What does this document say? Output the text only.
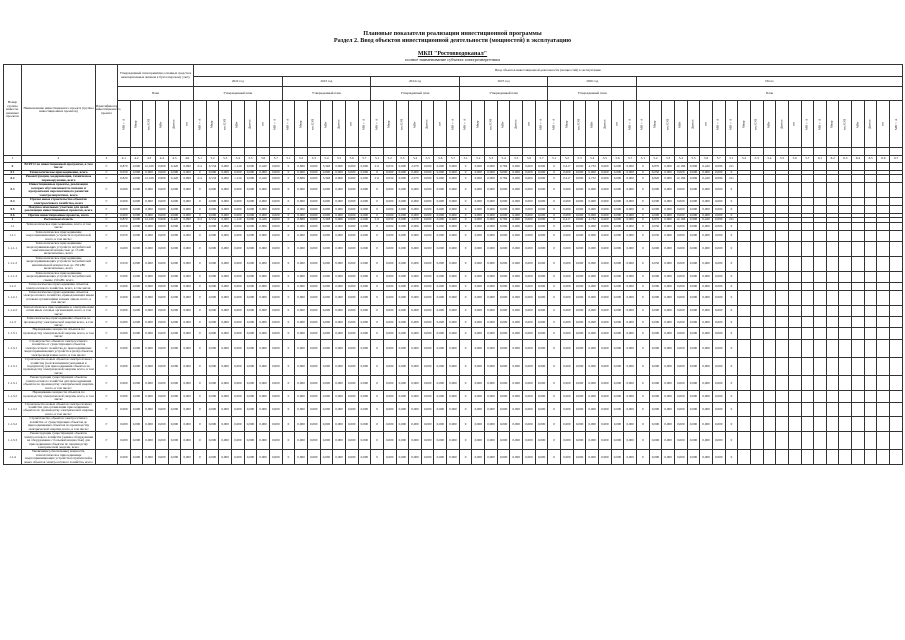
Плановые показатели реализации инвестиционной программы
Раздел 2. Ввод объектов инвестиционной деятельности (мощностей) в эксплуатацию
МКП "Ростовводоканал"
полное наименование субъекта электроэнергетики
Номер группы инвести-ционных проектов	Наименование инвестиционного проекта (группы инвестиционных проектов)	Идентификатор инвестиционного проекта	Утвержденный план принятия основных средств и нематериальных активов к бухгалтерскому учету	Ввод объектов инвестиционной деятельности (мощностей) в эксплуатацию
2022 год	2023 год	2024 год	2025 год	2026 год	Итого
План	Утвержденный план	Утвержденный план	Утвержденный план	Утвержденный план	Утвержденный план	План
МВ×А	Мвар	км ЛЭП	МВт	Другое	шт	МВ×А	Мвар	км ЛЭП	МВт	Другое	шт	МВ×А	МВ×А	Мвар	км ЛЭП	МВт	Другое	шт	МВ×А	МВ×А	Мвар	км ЛЭП	МВт	Другое	шт	МВ×А	МВ×А	Мвар	км ЛЭП	МВт	Другое	шт	МВ×А	МВ×А	Мвар	км ЛЭП	МВт	Другое	шт	МВ×А	МВ×А	Мвар	км ЛЭП	МВт	Другое	шт	МВ×А	МВ×А	Мвар	км ЛЭП	МВт	Другое	шт	МВ×А	МВ×А	Мвар	км ЛЭП	МВт	Другое	шт	МВ×А

1	2	3	4.1	4.2	4.3	4.4	4.5	4.6	5.1	5.2	5.3	5.4	5.5	5.6	5.7	5.1	5.2	5.3	5.4	5.5	5.6	5.7	5.1	5.2	5.3	5.4	5.5	5.6	5.7	5.1	5.2	5.3	5.4	5.5	5.6	5.7	5.1	5.2	5.3	5.4	5.5	5.6	5.7	5.1	5.2	5.3	5.4	5.5	5.6	5.7	5.1	5.2	5.3	5.4	5.5	5.6	5.7	6.1	6.2	6.3	6.4	6.5	6.6	6.7
0	ВСЕГО по инвестиционной программе, в том числе:	Г	6,870	0,000	12,166	0,906	0,420	0,090	211	0,534	0,000	1,120	0,000	0,420	0,000	0	0,869	0,000	3,348	0,906	0,000	0,000	211	0,050	0,000	2,070	0,000	0,000	0,000	0	0,000	0,000	0,784	0,000	0,000	0,000	0	0,417	0,000	4,732	0,000	0,000	0,000	0	6,870	0,000	12,166	0,906	0,420	0,090	211													
0.1	Технологическое присоединение, всего	Г	0,050	0,000	0,000	0,000	0,000	0,000	0	0,000	0,000	0,000	0,000	0,000	0,000	0	0,000	0,000	0,000	0,000	0,000	0,000	0	0,000	0,000	0,000	0,000	0,000	0,000	0	0,000	0,000	0,000	0,000	0,000	0,000	0	0,000	0,000	0,000	0,000	0,000	0,000	0	0,050	0,000	0,000	0,000	0,000	0,000	0													
0.2	Реконструкция, модернизация, техническое перевооружение, всего	Г	6,820	0,000	12,166	0,906	0,420	0,090	211	0,534	0,000	1,120	0,000	0,420	0,000	0	0,869	0,000	3,348	0,906	0,000	0,000	211	0,050	0,000	2,070	0,000	0,000	0,000	0	0,000	0,000	0,784	0,000	0,000	0,000	0	0,417	0,000	4,732	0,000	0,000	0,000	0	6,820	0,000	12,166	0,906	0,420	0,090	211													
0.3	Инвестиционные проекты, реализация которых обуславливается схемами и программами перспективного развития электроэнергетики, всего	Г	0,000	0,000	0,000	0,000	0,000	0,000	0	0,000	0,000	0,000	0,000	0,000	0,000	0	0,000	0,000	0,000	0,000	0,000	0,000	0	0,000	0,000	0,000	0,000	0,000	0,000	0	0,000	0,000	0,000	0,000	0,000	0,000	0	0,000	0,000	0,000	0,000	0,000	0,000	0	0,000	0,000	0,000	0,000	0,000	0,000	0													
0.4	Прочее новое строительство объектов электросетевого хозяйства, всего	Г	0,000	0,000	0,000	0,000	0,000	0,000	0	0,000	0,000	0,000	0,000	0,000	0,000	0	0,000	0,000	0,000	0,000	0,000	0,000	0	0,000	0,000	0,000	0,000	0,000	0,000	0	0,000	0,000	0,000	0,000	0,000	0,000	0	0,000	0,000	0,000	0,000	0,000	0,000	0	0,000	0,000	0,000	0,000	0,000	0,000	0													
0.5	Покупка земельных участков для целей реализации инвестиционных проектов, всего	Г	0,000	0,000	0,000	0,000	0,000	0,000	0	0,000	0,000	0,000	0,000	0,000	0,000	0	0,000	0,000	0,000	0,000	0,000	0,000	0	0,000	0,000	0,000	0,000	0,000	0,000	0	0,000	0,000	0,000	0,000	0,000	0,000	0	0,000	0,000	0,000	0,000	0,000	0,000	0	0,000	0,000	0,000	0,000	0,000	0,000	0													
0.6	Прочие инвестиционные проекты, всего	Г	0,000	0,000	0,000	0,000	0,000	0,000	0	0,000	0,000	0,000	0,000	0,000	0,000	0	0,000	0,000	0,000	0,000	0,000	0,000	0	0,000	0,000	0,000	0,000	0,000	0,000	0	0,000	0,000	0,000	0,000	0,000	0,000	0	0,000	0,000	0,000	0,000	0,000	0,000	0	0,000	0,000	0,000	0,000	0,000	0,000	0													
1	Ростовская область	Г	6,870	0,000	12,166	0,906	0,420	0,090	211	0,534	0,000	1,120	0,000	0,420	0,000	0	0,869	0,000	3,348	0,906	0,000	0,000	211	0,050	0,000	2,070	0,000	0,000	0,000	0	0,000	0,000	0,784	0,000	0,000	0,000	0	0,417	0,000	4,732	0,000	0,000	0,000	0	6,870	0,000	12,166	0,906	0,420	0,090	211													
1.1	Технологическое присоединение, всего, в том числе:	Г	0,050	0,000	0,000	0,000	0,000	0,000	0	0,000	0,000	0,000	0,000	0,000	0,000	0	0,000	0,000	0,000	0,000	0,000	0,000	0	0,000	0,000	0,000	0,000	0,000	0,000	0	0,000	0,000	0,000	0,000	0,000	0,000	0	0,000	0,000	0,000	0,000	0,000	0,000	0	0,050	0,000	0,000	0,000	0,000	0,000	0													
1.1.1	Технологическое присоединение энергопринимающих устройств потребителей, всего, в том числе:	Г	0,050	0,000	0,000	0,000	0,000	0,000	0	0,000	0,000	0,000	0,000	0,000	0,000	0	0,000	0,000	0,000	0,000	0,000	0,000	0	0,000	0,000	0,000	0,000	0,000	0,000	0	0,000	0,000	0,000	0,000	0,000	0,000	0	0,000	0,000	0,000	0,000	0,000	0,000	0	0,050	0,000	0,000	0,000	0,000	0,000	0													
1.1.1.1	Технологическое присоединение энергопринимающих устройств потребителей максимальной мощностью до 15 кВт включительно, всего	Г	0,000	0,000	0,000	0,000	0,000	0,000	0	0,000	0,000	0,000	0,000	0,000	0,000	0	0,000	0,000	0,000	0,000	0,000	0,000	0	0,000	0,000	0,000	0,000	0,000	0,000	0	0,000	0,000	0,000	0,000	0,000	0,000	0	0,000	0,000	0,000	0,000	0,000	0,000	0	0,000	0,000	0,000	0,000	0,000	0,000	0													
1.1.1.2	Технологическое присоединение энергопринимающих устройств потребителей максимальной мощностью до 150 кВт включительно, всего	Г	0,050	0,000	0,000	0,000	0,000	0,000	0	0,000	0,000	0,000	0,000	0,000	0,000	0	0,000	0,000	0,000	0,000	0,000	0,000	0	0,000	0,000	0,000	0,000	0,000	0,000	0	0,000	0,000	0,000	0,000	0,000	0,000	0	0,000	0,000	0,000	0,000	0,000	0,000	0	0,050	0,000	0,000	0,000	0,000	0,000	0													
1.1.1.3	Технологическое присоединение энергопринимающих устройств потребителей свыше 150 кВт, всего	Г	0,000	0,000	0,000	0,000	0,000	0,000	0	0,000	0,000	0,000	0,000	0,000	0,000	0	0,000	0,000	0,000	0,000	0,000	0,000	0	0,000	0,000	0,000	0,000	0,000	0,000	0	0,000	0,000	0,000	0,000	0,000	0,000	0	0,000	0,000	0,000	0,000	0,000	0,000	0	0,000	0,000	0,000	0,000	0,000	0,000	0													
1.1.2	Технологическое присоединение объектов электросетевого хозяйства, всего, в том числе:	Г	0,000	0,000	0,000	0,000	0,000	0,000	0	0,000	0,000	0,000	0,000	0,000	0,000	0	0,000	0,000	0,000	0,000	0,000	0,000	0	0,000	0,000	0,000	0,000	0,000	0,000	0	0,000	0,000	0,000	0,000	0,000	0,000	0	0,000	0,000	0,000	0,000	0,000	0,000	0	0,000	0,000	0,000	0,000	0,000	0,000	0													
1.1.2.1	Технологическое присоединение объектов электросетевого хозяйства, принадлежащих иным сетевым организациям и иным лицам, всего, в том числе:	Г	0,000	0,000	0,000	0,000	0,000	0,000	0	0,000	0,000	0,000	0,000	0,000	0,000	0	0,000	0,000	0,000	0,000	0,000	0,000	0	0,000	0,000	0,000	0,000	0,000	0,000	0	0,000	0,000	0,000	0,000	0,000	0,000	0	0,000	0,000	0,000	0,000	0,000	0,000	0	0,000	0,000	0,000	0,000	0,000	0,000	0													
1.1.2.2	Технологическое присоединение к электрическим сетям иных сетевых организаций, всего, в том числе:	Г	0,000	0,000	0,000	0,000	0,000	0,000	0	0,000	0,000	0,000	0,000	0,000	0,000	0	0,000	0,000	0,000	0,000	0,000	0,000	0	0,000	0,000	0,000	0,000	0,000	0,000	0	0,000	0,000	0,000	0,000	0,000	0,000	0	0,000	0,000	0,000	0,000	0,000	0,000	0	0,000	0,000	0,000	0,000	0,000	0,000	0													
1.1.3	Технологическое присоединение объектов по производству электрической энергии всего, в том числе:	Г	0,000	0,000	0,000	0,000	0,000	0,000	0	0,000	0,000	0,000	0,000	0,000	0,000	0	0,000	0,000	0,000	0,000	0,000	0,000	0	0,000	0,000	0,000	0,000	0,000	0,000	0	0,000	0,000	0,000	0,000	0,000	0,000	0	0,000	0,000	0,000	0,000	0,000	0,000	0	0,000	0,000	0,000	0,000	0,000	0,000	0													
1.1.3.1	Наращивание мощности объектов по производству электрической энергии, всего, в том числе:	Г	0,000	0,000	0,000	0,000	0,000	0,000	0	0,000	0,000	0,000	0,000	0,000	0,000	0	0,000	0,000	0,000	0,000	0,000	0,000	0	0,000	0,000	0,000	0,000	0,000	0,000	0	0,000	0,000	0,000	0,000	0,000	0,000	0	0,000	0,000	0,000	0,000	0,000	0,000	0	0,000	0,000	0,000	0,000	0,000	0,000	0													
1.1.3.1	Строительство объектов электросетевого хозяйства от существующих объектов электросетевого хозяйства до присоединяемых энергопринимающих устройств и (или) объектов электроэнергетики, всего, в том числе:	Г	0,000	0,000	0,000	0,000	0,000	0,000	0	0,000	0,000	0,000	0,000	0,000	0,000	0	0,000	0,000	0,000	0,000	0,000	0,000	0	0,000	0,000	0,000	0,000	0,000	0,000	0	0,000	0,000	0,000	0,000	0,000	0,000	0	0,000	0,000	0,000	0,000	0,000	0,000	0	0,000	0,000	0,000	0,000	0,000	0,000	0													
1.1.3.1	Строительство новых объектов электросетевого хозяйства (за исключением указанных в подпунктах) для присоединения объектов по производству электрической энергии, всего, в том числе:	Г	0,000	0,000	0,000	0,000	0,000	0,000	0	0,000	0,000	0,000	0,000	0,000	0,000	0	0,000	0,000	0,000	0,000	0,000	0,000	0	0,000	0,000	0,000	0,000	0,000	0,000	0	0,000	0,000	0,000	0,000	0,000	0,000	0	0,000	0,000	0,000	0,000	0,000	0,000	0	0,000	0,000	0,000	0,000	0,000	0,000	0													
1.1.3.1	Реконструкция существующих объектов электросетевого хозяйства для присоединения объектов по производству электрической энергии, всего, в том числе:	Г	0,000	0,000	0,000	0,000	0,000	0,000	0	0,000	0,000	0,000	0,000	0,000	0,000	0	0,000	0,000	0,000	0,000	0,000	0,000	0	0,000	0,000	0,000	0,000	0,000	0,000	0	0,000	0,000	0,000	0,000	0,000	0,000	0	0,000	0,000	0,000	0,000	0,000	0,000	0	0,000	0,000	0,000	0,000	0,000	0,000	0													
1.1.3.2	Наращивание мощности объектов по производству электрической энергии, всего, в том числе:	Г	0,000	0,000	0,000	0,000	0,000	0,000	0	0,000	0,000	0,000	0,000	0,000	0,000	0	0,000	0,000	0,000	0,000	0,000	0,000	0	0,000	0,000	0,000	0,000	0,000	0,000	0	0,000	0,000	0,000	0,000	0,000	0,000	0	0,000	0,000	0,000	0,000	0,000	0,000	0	0,000	0,000	0,000	0,000	0,000	0,000	0													
1.1.3.2	Строительство новых объектов электросетевого хозяйства для организации присоединения объектов по производству электрической энергии, всего, в том числе:	Г	0,000	0,000	0,000	0,000	0,000	0,000	0	0,000	0,000	0,000	0,000	0,000	0,000	0	0,000	0,000	0,000	0,000	0,000	0,000	0	0,000	0,000	0,000	0,000	0,000	0,000	0	0,000	0,000	0,000	0,000	0,000	0,000	0	0,000	0,000	0,000	0,000	0,000	0,000	0	0,000	0,000	0,000	0,000	0,000	0,000	0													
1.1.3.2	Строительство объектов электросетевого хозяйства от существующих объектов до присоединяемых объектов по производству электрической энергии, всего, в том числе:	Г	0,000	0,000	0,000	0,000	0,000	0,000	0	0,000	0,000	0,000	0,000	0,000	0,000	0	0,000	0,000	0,000	0,000	0,000	0,000	0	0,000	0,000	0,000	0,000	0,000	0,000	0	0,000	0,000	0,000	0,000	0,000	0,000	0	0,000	0,000	0,000	0,000	0,000	0,000	0	0,000	0,000	0,000	0,000	0,000	0,000	0													
1.1.3.3	Реконструкция существующих объектов электросетевого хозяйства (замена оборудования на оборудование с большей мощностью) для присоединения объектов по производству электрической энергии, всего	Г	0,000	0,000	0,000	0,000	0,000	0,000	0	0,000	0,000	0,000	0,000	0,000	0,000	0	0,000	0,000	0,000	0,000	0,000	0,000	0	0,000	0,000	0,000	0,000	0,000	0,000	0	0,000	0,000	0,000	0,000	0,000	0,000	0	0,000	0,000	0,000	0,000	0,000	0,000	0	0,000	0,000	0,000	0,000	0,000	0,000	0													
1.1.4	Увеличение (обеспечение) мощности, технологическое присоединение энергопринимающих устройств потребителей и иных объектов электросетевого хозяйства, всего	Г	0,000	0,000	0,000	0,000	0,000	0,000	0	0,000	0,000	0,000	0,000	0,000	0,000	0	0,000	0,000	0,000	0,000	0,000	0,000	0	0,000	0,000	0,000	0,000	0,000	0,000	0	0,000	0,000	0,000	0,000	0,000	0,000	0	0,000	0,000	0,000	0,000	0,000	0,000	0	0,000	0,000	0,000	0,000	0,000	0,000	0													
